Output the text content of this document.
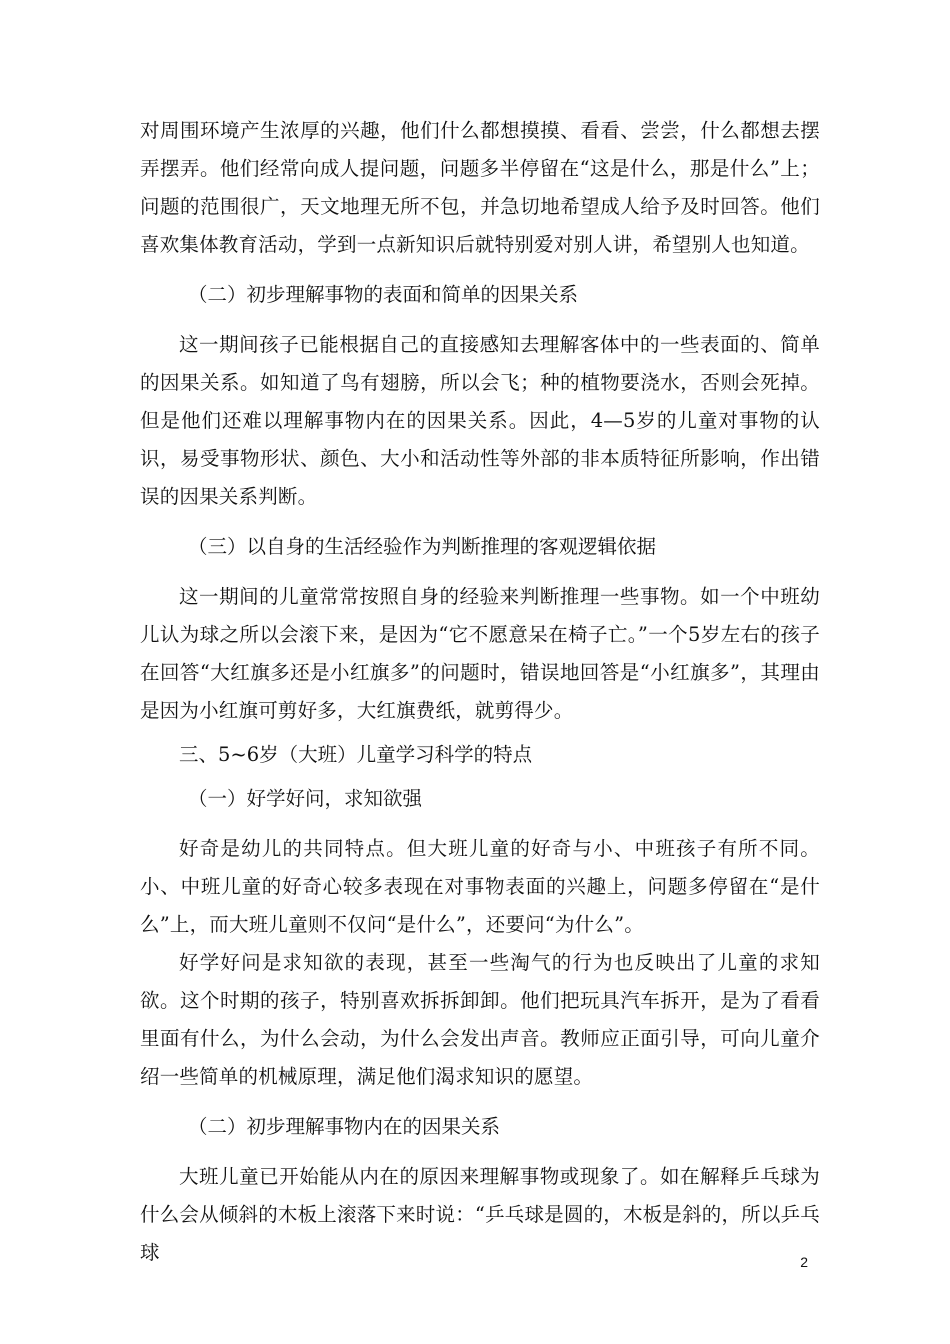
对周围环境产生浓厚的兴趣，他们什么都想摸摸、看看、尝尝，什么都想去摆弄摆弄。他们经常向成人提问题，问题多半停留在“这是什么，那是什么”上；问题的范围很广，天文地理无所不包，并急切地希望成人给予及时回答。他们喜欢集体教育活动，学到一点新知识后就特别爱对别人讲，希望别人也知道。

（二）初步理解事物的表面和简单的因果关系

这一期间孩子已能根据自己的直接感知去理解客体中的一些表面的、简单的因果关系。如知道了鸟有翅膀，所以会飞；种的植物要浇水，否则会死掉。但是他们还难以理解事物内在的因果关系。因此，4—5岁的儿童对事物的认识，易受事物形状、颜色、大小和活动性等外部的非本质特征所影响，作出错误的因果关系判断。

（三）以自身的生活经验作为判断推理的客观逻辑依据

这一期间的儿童常常按照自身的经验来判断推理一些事物。如一个中班幼儿认为球之所以会滚下来，是因为“它不愿意呆在椅子亡。”一个5岁左右的孩子在回答“大红旗多还是小红旗多”的问题时，错误地回答是“小红旗多”，其理由是因为小红旗可剪好多，大红旗费纸，就剪得少。

三、5~6岁（大班）儿童学习科学的特点

（一）好学好问，求知欲强

好奇是幼儿的共同特点。但大班儿童的好奇与小、中班孩子有所不同。小、中班儿童的好奇心较多表现在对事物表面的兴趣上，问题多停留在“是什么”上，而大班儿童则不仅问“是什么”，还要问“为什么”。

好学好问是求知欲的表现，甚至一些淘气的行为也反映出了儿童的求知欲。这个时期的孩子，特别喜欢拆拆卸卸。他们把玩具汽车拆开，是为了看看里面有什么，为什么会动，为什么会发出声音。教师应正面引导，可向儿童介绍一些简单的机械原理，满足他们渴求知识的愿望。

（二）初步理解事物内在的因果关系

大班儿童已开始能从内在的原因来理解事物或现象了。如在解释乒乓球为什么会从倾斜的木板上滚落下来时说：“乒乓球是圆的，木板是斜的，所以乒乓球	2
